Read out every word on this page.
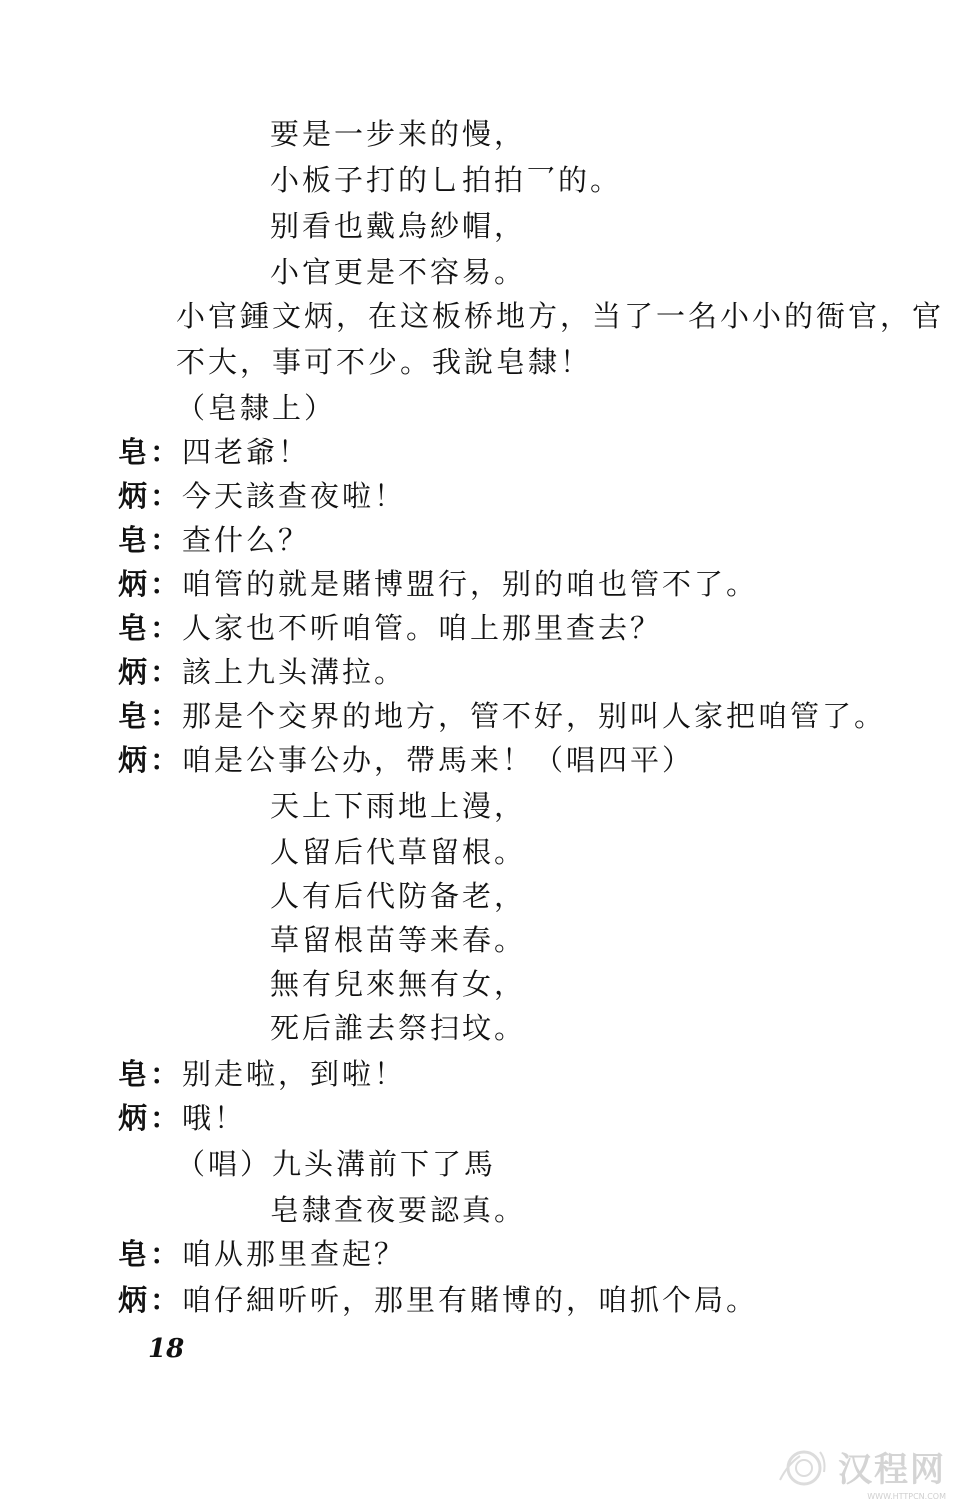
要是一步来的慢，
小板子打的乚拍拍乛的。
别看也戴烏紗帽，
小官更是不容易。
小官鍾文炳，在这板桥地方，当了一名小小的衙官，官
不大，事可不少。我說皂隸！
（皂隸上）
皂：四老爺！
炳：今天該查夜啦！
皂：查什么？
炳：咱管的就是賭博盟行，别的咱也管不了。
皂：人家也不听咱管。咱上那里查去？
炳：該上九头溝拉。
皂：那是个交界的地方，管不好，别叫人家把咱管了。
炳：咱是公事公办，帶馬来！（唱四平）
天上下雨地上漫，
人留后代草留根。
人有后代防备老，
草留根苗等来春。
無有兒來無有女，
死后誰去祭扫坟。
皂：别走啦，到啦！
炳：哦！
（唱）九头溝前下了馬
皂隸查夜要認真。
皂：咱从那里查起？
炳：咱仔細听听，那里有賭博的，咱抓个局。
18
汉程网
WWW.HTTPCN.COM
